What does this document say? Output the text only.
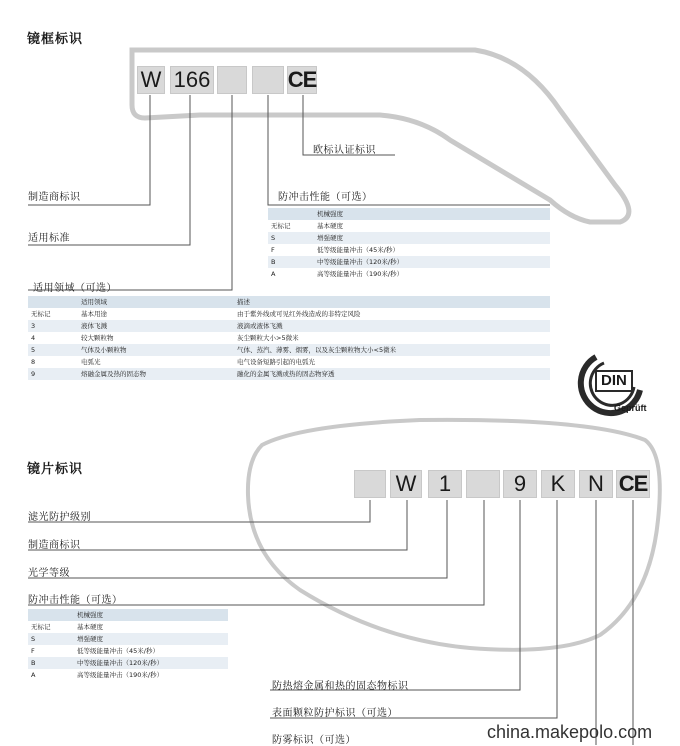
镜框标识
W 166	CE
欧标认证标识
制造商标识
适用标准
防冲击性能（可选）
适用领域（可选）
	机械强度
无标记	基本硬度
S	增强硬度
F	低等级能量冲击（45米/秒）
B	中等级能量冲击（120米/秒）
A	高等级能量冲击（190米/秒）
	适用领域	描述
无标记	基本用途	由于紫外线或可见红外线造成的非特定风险
3	液体飞溅	液滴或液体飞溅
4	较大颗粒物	灰尘颗粒大小>5微米
5	气体及小颗粒物	气体、蒸汽、薄雾、烟雾，以及灰尘颗粒物大小<5微米
8	电弧光	电气设备短路引起的电弧光
9	熔融金属及热的固态物	融化的金属飞溅或热的固态物穿透	DIN
Geprüft
镜片标识
W	1	9	K	N CE
滤光防护级别
制造商标识
光学等级
防冲击性能（可选）
	机械强度
无标记	基本硬度
S	增强硬度
F	低等级能量冲击（45米/秒）
B	中等级能量冲击（120米/秒）
A	高等级能量冲击（190米/秒）
防热熔金属和热的固态物标识
表面颗粒防护标识（可选）
防雾标识（可选）	china.makepolo.com
